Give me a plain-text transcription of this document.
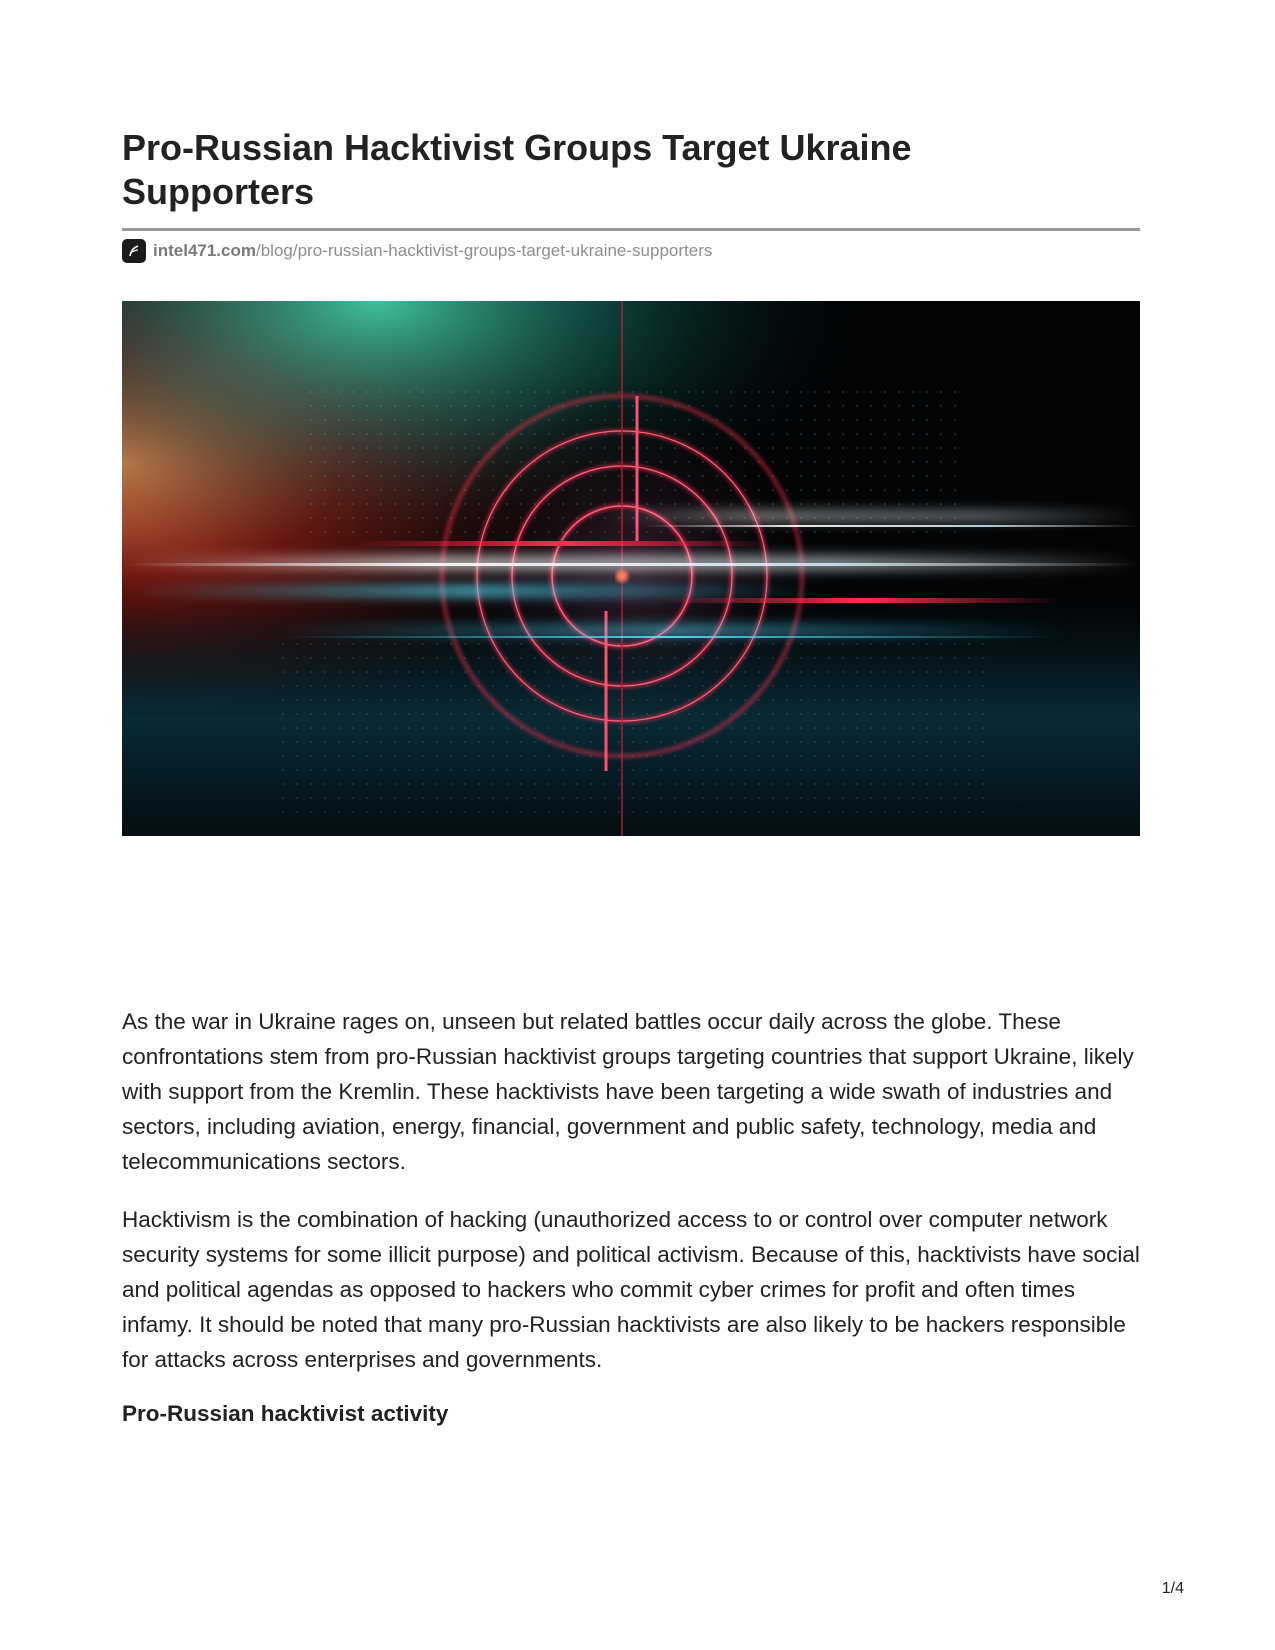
Pro-Russian Hacktivist Groups Target Ukraine Supporters
intel471.com /blog/pro-russian-hacktivist-groups-target-ukraine-supporters

As the war in Ukraine rages on, unseen but related battles occur daily across the globe. These confrontations stem from pro-Russian hacktivist groups targeting countries that support Ukraine, likely with support from the Kremlin. These hacktivists have been targeting a wide swath of industries and sectors, including aviation, energy, financial, government and public safety, technology, media and telecommunications sectors.

Hacktivism is the combination of hacking (unauthorized access to or control over computer network security systems for some illicit purpose) and political activism. Because of this, hacktivists have social and political agendas as opposed to hackers who commit cyber crimes for profit and often times infamy. It should be noted that many pro-Russian hacktivists are also likely to be hackers responsible for attacks across enterprises and governments.

Pro-Russian hacktivist activity
1/4
